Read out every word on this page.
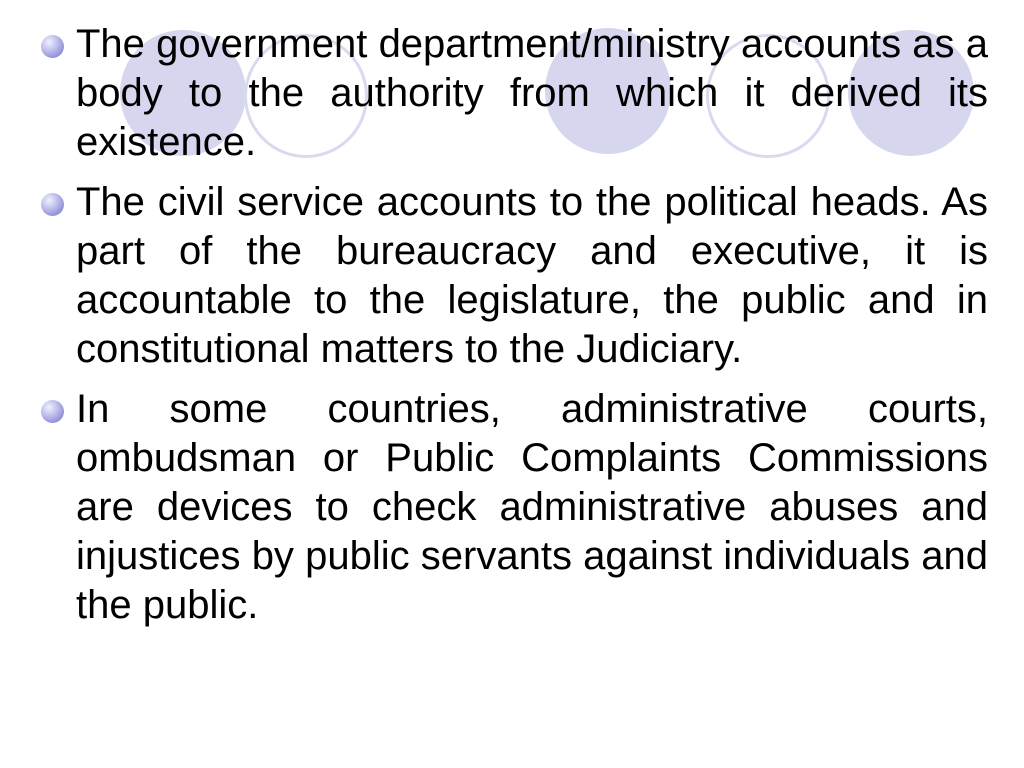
The government department/ministry accounts as a body to the authority from which it derived its existence.
The civil service accounts to the political heads. As part of the bureaucracy and executive, it is accountable to the legislature, the public and in constitutional matters to the Judiciary.
In some countries, administrative courts, ombudsman or Public Complaints Commissions are devices to check administrative abuses and injustices by public servants against individuals and the public.
